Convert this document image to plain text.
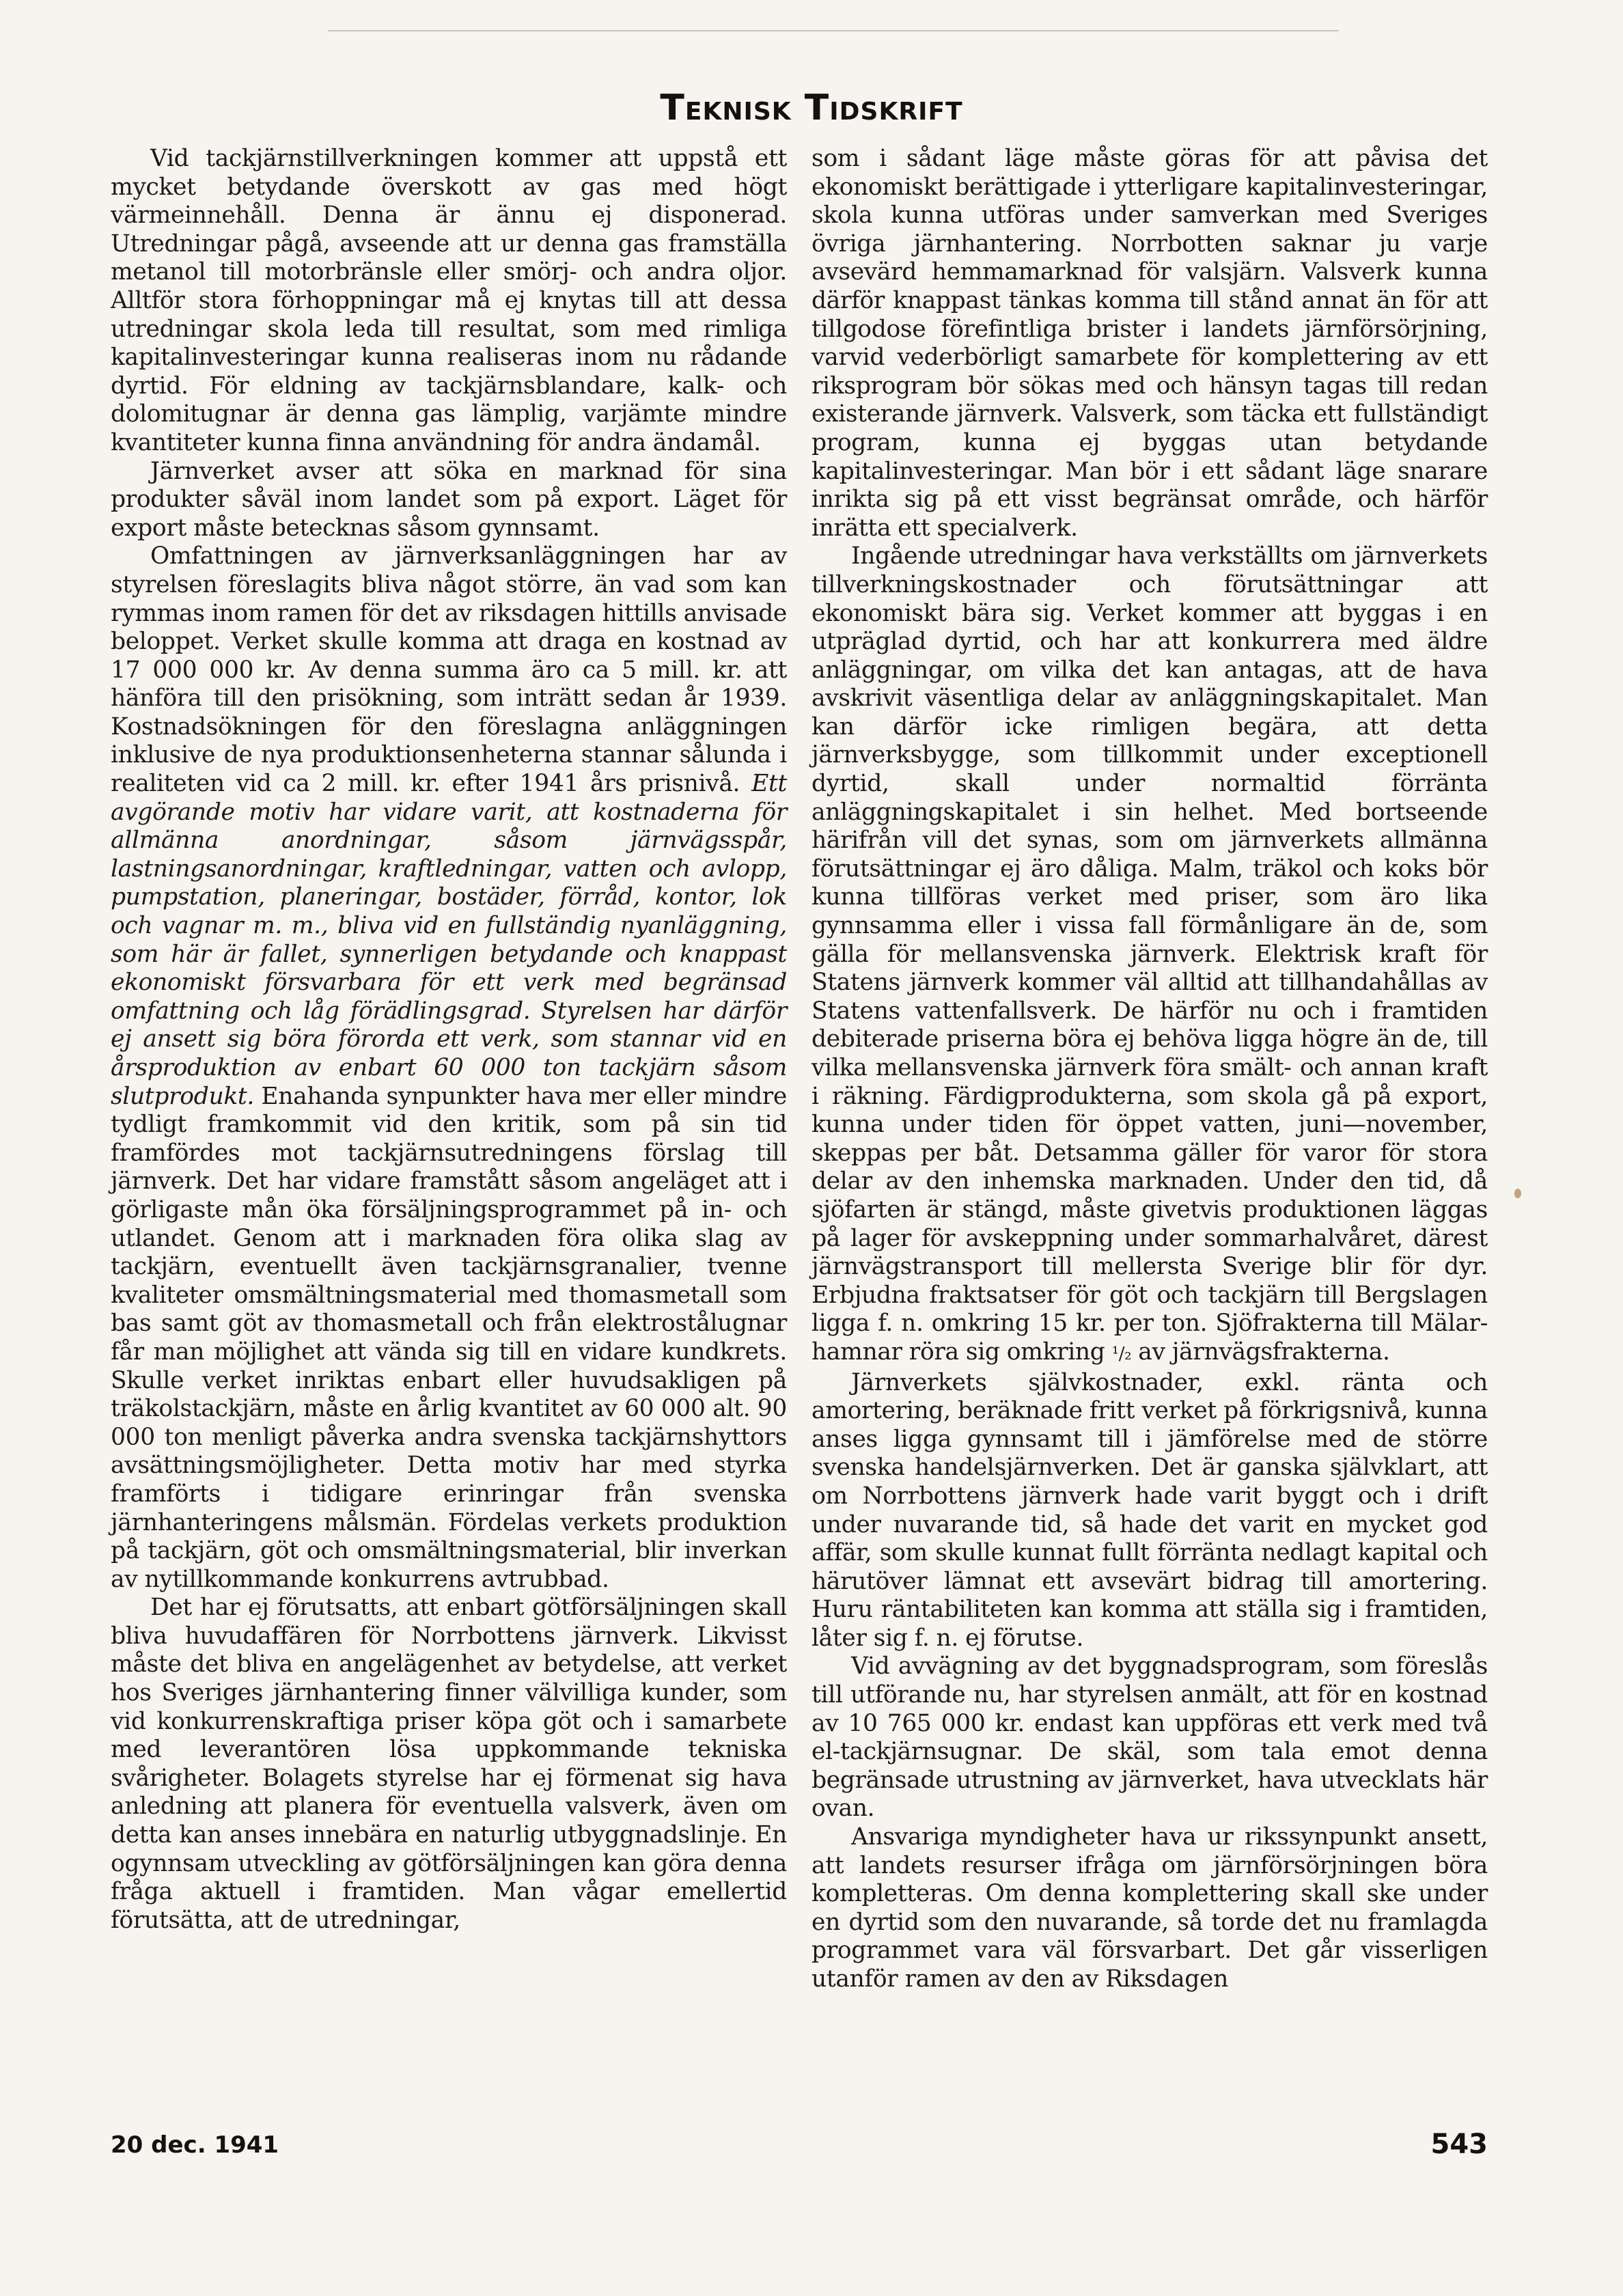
Teknisk Tidskrift

Vid tackjärnstillverkningen kommer att uppstå ett mycket betydande överskott av gas med högt värmeinnehåll. Denna är ännu ej disponerad. Utredningar pågå, avseende att ur denna gas framställa metanol till motorbränsle eller smörj- och andra oljor. Alltför stora förhoppningar må ej knytas till att dessa utredningar skola leda till resultat, som med rimliga kapitalinvesteringar kunna realiseras inom nu rådande dyrtid. För eldning av tackjärnsblandare, kalk- och dolomitugnar är denna gas lämplig, varjämte mindre kvantiteter kunna finna användning för andra ändamål.

Järnverket avser att söka en marknad för sina produkter såväl inom landet som på export. Läget för export måste betecknas såsom gynnsamt.

Omfattningen av järnverksanläggningen har av styrelsen föreslagits bliva något större, än vad som kan rymmas inom ramen för det av riksdagen hittills anvisade beloppet. Verket skulle komma att draga en kostnad av 17 000 000 kr. Av denna summa äro ca 5 mill. kr. att hänföra till den prisökning, som inträtt sedan år 1939. Kostnadsökningen för den föreslagna anläggningen inklusive de nya produktionsenheterna stannar sålunda i realiteten vid ca 2 mill. kr. efter 1941 års prisnivå. Ett avgörande motiv har vidare varit, att kostnaderna för allmänna anordningar, såsom järnvägsspår, lastningsanordningar, kraftledningar, vatten och avlopp, pumpstation, planeringar, bostäder, förråd, kontor, lok och vagnar m. m., bliva vid en fullständig nyanläggning, som här är fallet, synnerligen betydande och knappast ekonomiskt försvarbara för ett verk med begränsad omfattning och låg förädlingsgrad. Styrelsen har därför ej ansett sig böra förorda ett verk, som stannar vid en årsproduktion av enbart 60 000 ton tackjärn såsom slutprodukt. Enahanda synpunkter hava mer eller mindre tydligt framkommit vid den kritik, som på sin tid framfördes mot tackjärnsutredningens förslag till järnverk. Det har vidare framstått såsom angeläget att i görligaste mån öka försäljningsprogrammet på in- och utlandet. Genom att i marknaden föra olika slag av tackjärn, eventuellt även tackjärnsgranalier, tvenne kvaliteter omsmältningsmaterial med thomasmetall som bas samt göt av thomasmetall och från elektrostålugnar får man möjlighet att vända sig till en vidare kundkrets. Skulle verket inriktas enbart eller huvudsakligen på träkolstackjärn, måste en årlig kvantitet av 60 000 alt. 90 000 ton menligt påverka andra svenska tackjärnshyttors avsättningsmöjligheter. Detta motiv har med styrka framförts i tidigare erinringar från svenska järnhanteringens målsmän. Fördelas verkets produktion på tackjärn, göt och omsmältningsmaterial, blir inverkan av nytillkommande konkurrens avtrubbad.

Det har ej förutsatts, att enbart götförsäljningen skall bliva huvudaffären för Norrbottens järnverk. Likvisst måste det bliva en angelägenhet av betydelse, att verket hos Sveriges järnhantering finner välvilliga kunder, som vid konkurrenskraftiga priser köpa göt och i samarbete med leverantören lösa uppkommande tekniska svårigheter. Bolagets styrelse har ej förmenat sig hava anledning att planera för eventuella valsverk, även om detta kan anses innebära en naturlig utbyggnadslinje. En ogynnsam utveckling av götförsäljningen kan göra denna fråga aktuell i framtiden. Man vågar emellertid förutsätta, att de utredningar,

som i sådant läge måste göras för att påvisa det ekonomiskt berättigade i ytterligare kapitalinvesteringar, skola kunna utföras under samverkan med Sveriges övriga järnhantering. Norrbotten saknar ju varje avsevärd hemmamarknad för valsjärn. Valsverk kunna därför knappast tänkas komma till stånd annat än för att tillgodose förefintliga brister i landets järnförsörjning, varvid vederbörligt samarbete för komplettering av ett riksprogram bör sökas med och hänsyn tagas till redan existerande järnverk. Valsverk, som täcka ett fullständigt program, kunna ej byggas utan betydande kapitalinvesteringar. Man bör i ett sådant läge snarare inrikta sig på ett visst begränsat område, och härför inrätta ett specialverk.

Ingående utredningar hava verkställts om järnverkets tillverkningskostnader och förutsättningar att ekonomiskt bära sig. Verket kommer att byggas i en utpräglad dyrtid, och har att konkurrera med äldre anläggningar, om vilka det kan antagas, att de hava avskrivit väsentliga delar av anläggningskapitalet. Man kan därför icke rimligen begära, att detta järnverksbygge, som tillkommit under exceptionell dyrtid, skall under normaltid förränta anläggningskapitalet i sin helhet. Med bortseende härifrån vill det synas, som om järnverkets allmänna förutsättningar ej äro dåliga. Malm, träkol och koks bör kunna tillföras verket med priser, som äro lika gynnsamma eller i vissa fall förmånligare än de, som gälla för mellansvenska järnverk. Elektrisk kraft för Statens järnverk kommer väl alltid att tillhandahållas av Statens vattenfallsverk. De härför nu och i framtiden debiterade priserna böra ej behöva ligga högre än de, till vilka mellansvenska järnverk föra smält- och annan kraft i räkning. Färdigprodukterna, som skola gå på export, kunna under tiden för öppet vatten, juni—november, skeppas per båt. Detsamma gäller för varor för stora delar av den inhemska marknaden. Under den tid, då sjöfarten är stängd, måste givetvis produktionen läggas på lager för avskeppning under sommarhalvåret, därest järnvägstransport till mellersta Sverige blir för dyr. Erbjudna fraktsatser för göt och tackjärn till Bergslagen ligga f. n. omkring 15 kr. per ton. Sjöfrakterna till Mälar-hamnar röra sig omkring ¹/₂ av järnvägsfrakterna.

Järnverkets självkostnader, exkl. ränta och amortering, beräknade fritt verket på förkrigsnivå, kunna anses ligga gynnsamt till i jämförelse med de större svenska handelsjärnverken. Det är ganska självklart, att om Norrbottens järnverk hade varit byggt och i drift under nuvarande tid, så hade det varit en mycket god affär, som skulle kunnat fullt förränta nedlagt kapital och härutöver lämnat ett avsevärt bidrag till amortering. Huru räntabiliteten kan komma att ställa sig i framtiden, låter sig f. n. ej förutse.

Vid avvägning av det byggnadsprogram, som föreslås till utförande nu, har styrelsen anmält, att för en kostnad av 10 765 000 kr. endast kan uppföras ett verk med två el-tackjärnsugnar. De skäl, som tala emot denna begränsade utrustning av järnverket, hava utvecklats här ovan.

Ansvariga myndigheter hava ur rikssynpunkt ansett, att landets resurser ifråga om järnförsörjningen böra kompletteras. Om denna komplettering skall ske under en dyrtid som den nuvarande, så torde det nu framlagda programmet vara väl försvarbart. Det går visserligen utanför ramen av den av Riksdagen

20 dec. 1941	543
